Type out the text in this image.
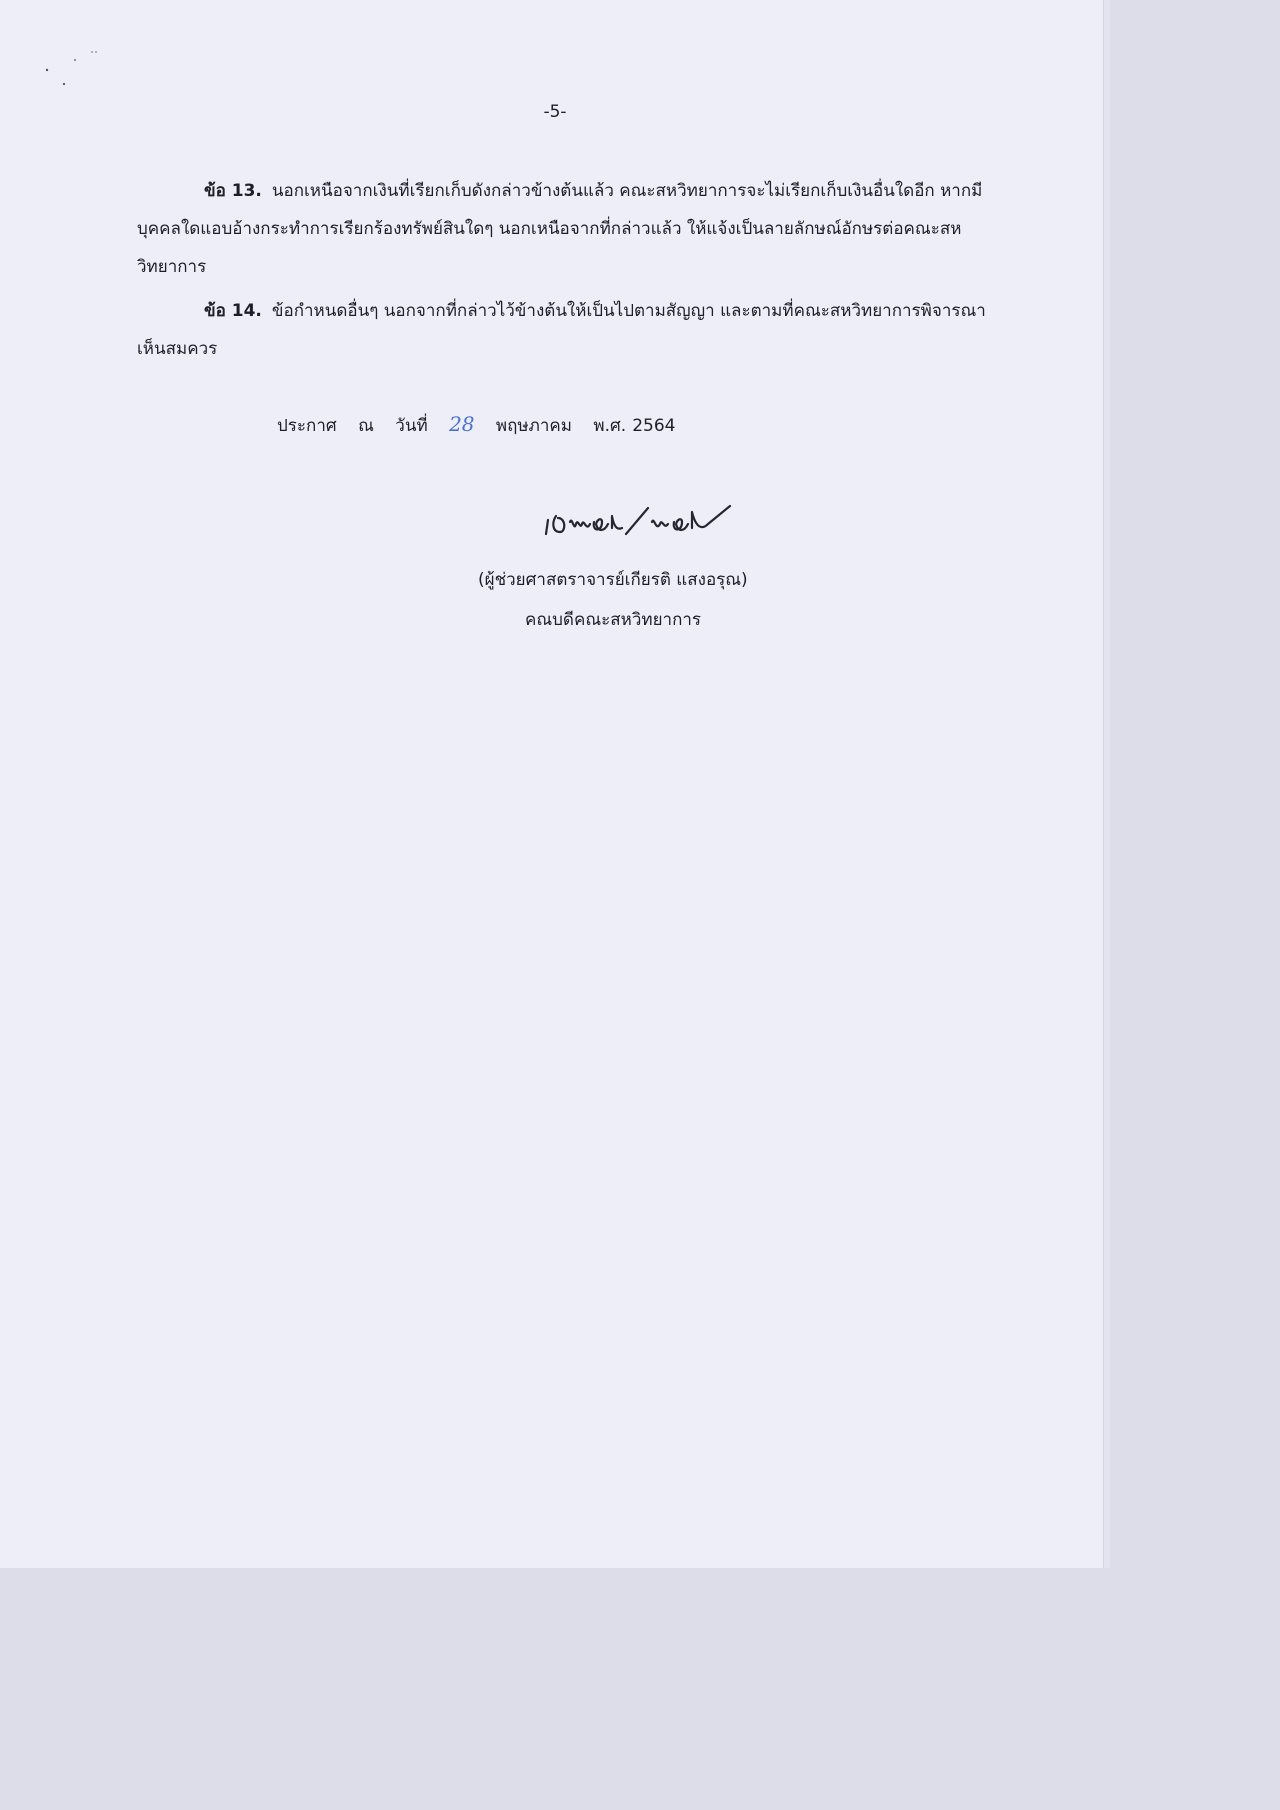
-5-
ข้อ 13. นอกเหนือจากเงินที่เรียกเก็บดังกล่าวข้างต้นแล้ว คณะสหวิทยาการจะไม่เรียกเก็บเงินอื่นใดอีก หากมีบุคคลใดแอบอ้างกระทำการเรียกร้องทรัพย์สินใดๆ นอกเหนือจากที่กล่าวแล้ว ให้แจ้งเป็นลายลักษณ์อักษรต่อคณะสหวิทยาการ
ข้อ 14. ข้อกำหนดอื่นๆ นอกจากที่กล่าวไว้ข้างต้นให้เป็นไปตามสัญญา และตามที่คณะสหวิทยาการพิจารณาเห็นสมควร
ประกาศ ณ วันที่ 28 พฤษภาคม พ.ศ. 2564
(ผู้ช่วยศาสตราจารย์เกียรติ แสงอรุณ)
คณบดีคณะสหวิทยาการ
